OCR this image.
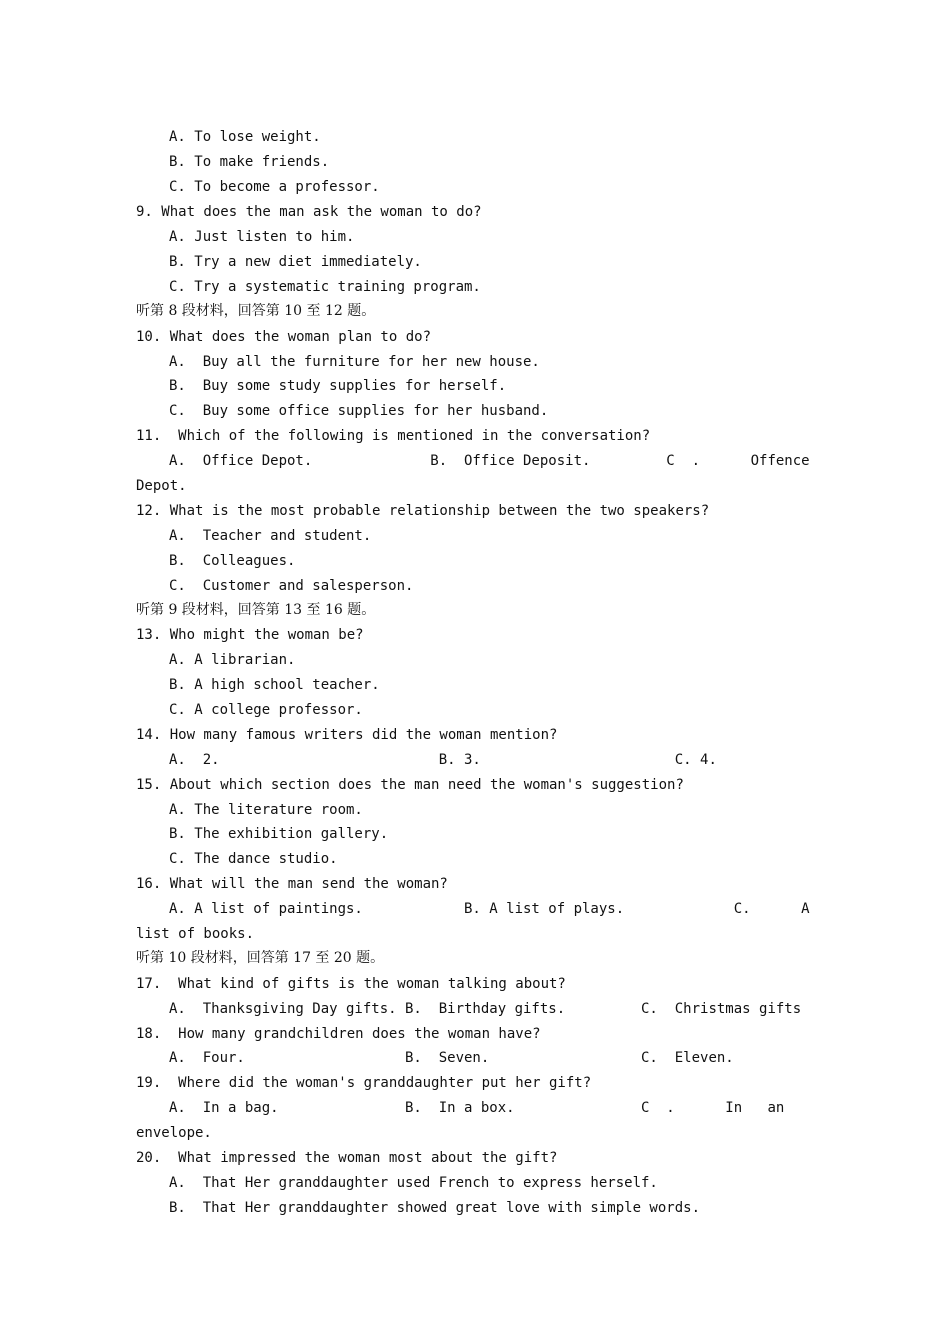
A. To lose weight.
B. To make friends.
C. To become a professor.
9. What does the man ask the woman to do?
A. Just listen to him.
B. Try a new diet immediately.
C. Try a systematic training program.
听第 8 段材料，回答第 10 至 12 题。
10. What does the woman plan to do?
A.  Buy all the furniture for her new house.
B.  Buy some study supplies for herself.
C.  Buy some office supplies for her husband.
11.  Which of the following is mentioned in the conversation?
A.  Office Depot.              B.  Office Deposit.         C  .      Offence
Depot.
12. What is the most probable relationship between the two speakers?
A.  Teacher and student.
B.  Colleagues.
C.  Customer and salesperson.
听第 9 段材料，回答第 13 至 16 题。
13. Who might the woman be?
A. A librarian.
B. A high school teacher.
C. A college professor.
14. How many famous writers did the woman mention?
A.  2.                          B. 3.                       C. 4.
15. About which section does the man need the woman's suggestion?
A. The literature room.
B. The exhibition gallery.
C. The dance studio.
16. What will the man send the woman?
A. A list of paintings.            B. A list of plays.             C.      A
list of books.
听第 10 段材料，回答第 17 至 20 题。
17.  What kind of gifts is the woman talking about?
A.  Thanksgiving Day gifts. B.  Birthday gifts.         C.  Christmas gifts
18.  How many grandchildren does the woman have?
A.  Four.                   B.  Seven.                  C.  Eleven.
19.  Where did the woman's granddaughter put her gift?
A.  In a bag.               B.  In a box.               C  .      In   an
envelope.
20.  What impressed the woman most about the gift?
A.  That Her granddaughter used French to express herself.
B.  That Her granddaughter showed great love with simple words.
